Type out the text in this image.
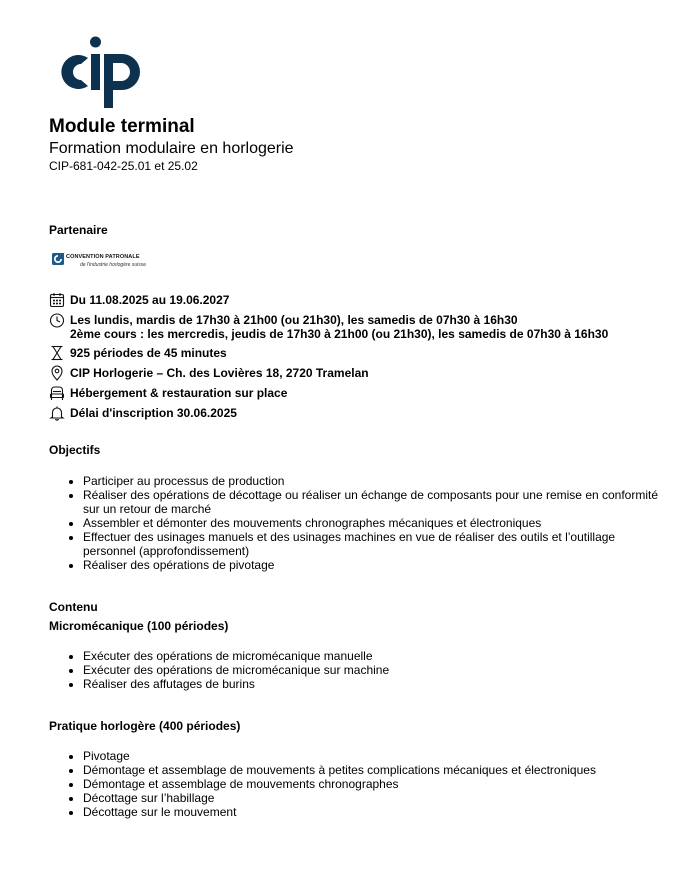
Module terminal
Formation modulaire en horlogerie
CIP-681-042-25.01 et 25.02
Partenaire
CONVENTION PATRONALE
de l'industrie horlogère suisse
Du 11.08.2025 au 19.06.2027
Les lundis, mardis de 17h30 à 21h00 (ou 21h30), les samedis de 07h30 à 16h30
2ème cours : les mercredis, jeudis de 17h30 à 21h00 (ou 21h30), les samedis de 07h30 à 16h30
925 périodes de 45 minutes
CIP Horlogerie – Ch. des Lovières 18, 2720 Tramelan
Hébergement & restauration sur place
Délai d'inscription 30.06.2025
Objectifs
• Participer au processus de production
• Réaliser des opérations de décottage ou réaliser un échange de composants pour une remise en conformité sur un retour de marché
• Assembler et démonter des mouvements chronographes mécaniques et électroniques
• Effectuer des usinages manuels et des usinages machines en vue de réaliser des outils et l’outillage personnel (approfondissement)
• Réaliser des opérations de pivotage
Contenu
Micromécanique (100 périodes)
• Exécuter des opérations de micromécanique manuelle
• Exécuter des opérations de micromécanique sur machine
• Réaliser des affutages de burins
Pratique horlogère (400 périodes)
• Pivotage
• Démontage et assemblage de mouvements à petites complications mécaniques et électroniques
• Démontage et assemblage de mouvements chronographes
• Décottage sur l’habillage
• Décottage sur le mouvement
